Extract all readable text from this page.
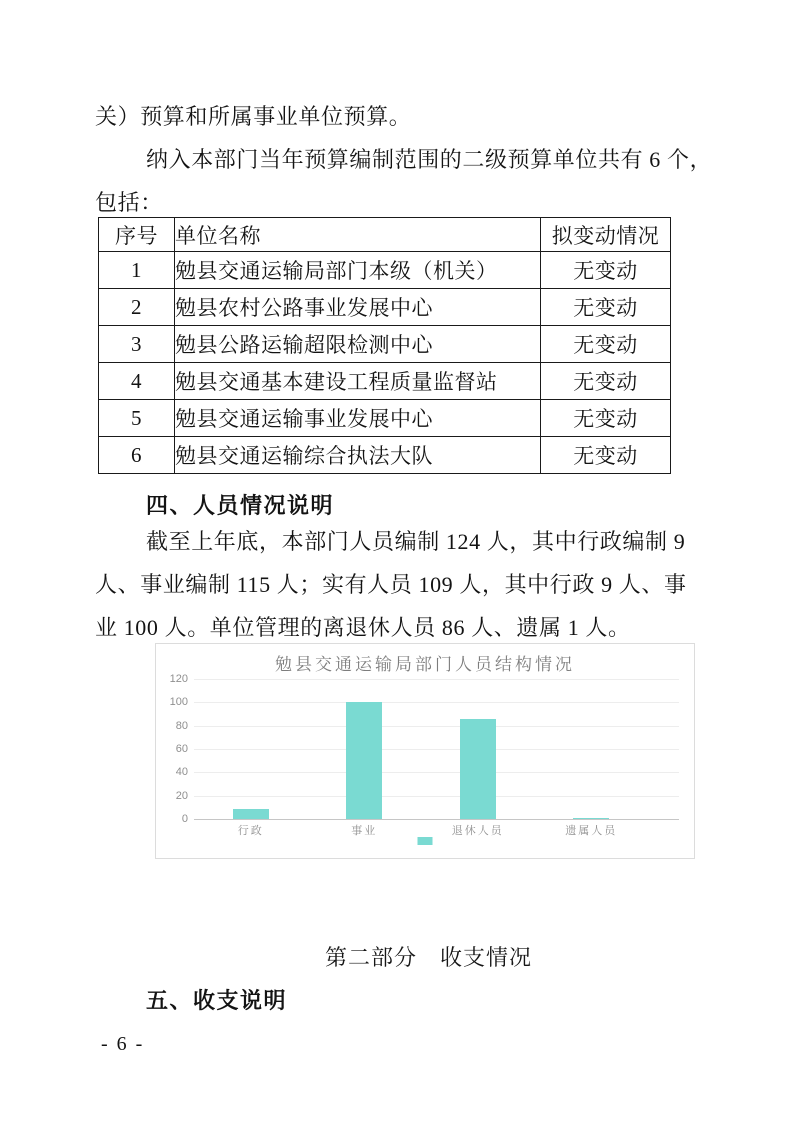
关）预算和所属事业单位预算。
纳入本部门当年预算编制范围的二级预算单位共有 6 个，
包括：
序号	单位名称	拟变动情况
1	勉县交通运输局部门本级（机关）	无变动
2	勉县农村公路事业发展中心	无变动
3	勉县公路运输超限检测中心	无变动
4	勉县交通基本建设工程质量监督站	无变动
5	勉县交通运输事业发展中心	无变动
6	勉县交通运输综合执法大队	无变动
四、人员情况说明
截至上年底，本部门人员编制 124 人，其中行政编制 9
人、事业编制 115 人；实有人员 109 人，其中行政 9 人、事
业 100 人。单位管理的离退休人员 86 人、遗属 1 人。
勉县交通运输局部门人员结构情况
行政	事业	退休人员	遗属人员
0
20
40
60
80
100
120
第二部分　收支情况
五、收支说明
- 6 -
